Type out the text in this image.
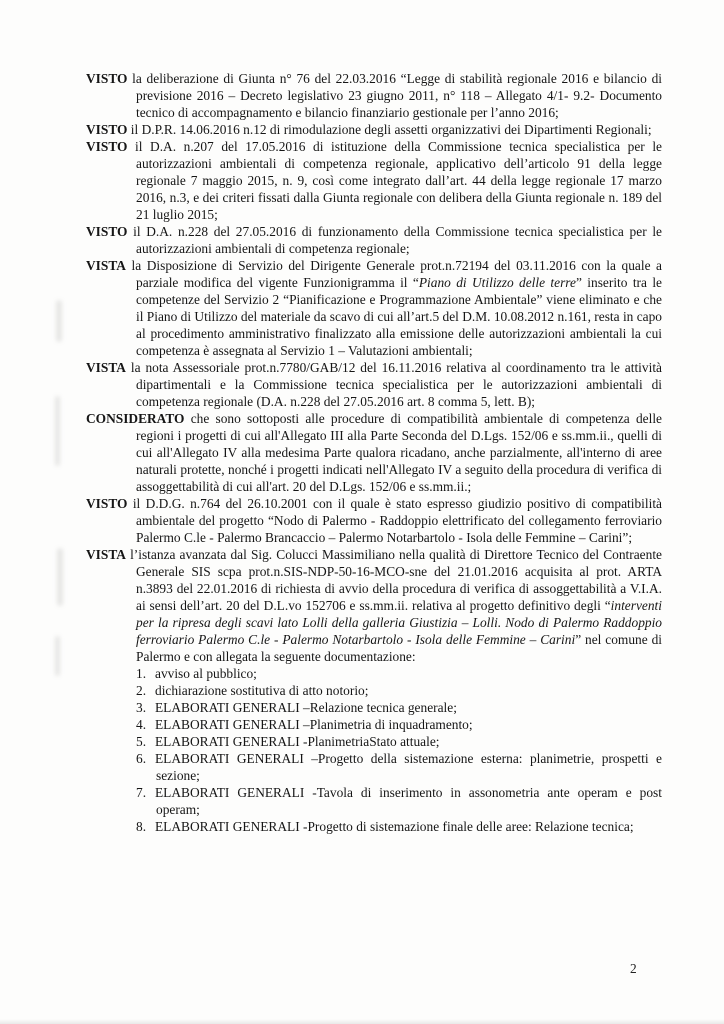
VISTO la deliberazione di Giunta n° 76 del 22.03.2016 “Legge di stabilità regionale 2016 e bilancio di previsione 2016 – Decreto legislativo 23 giugno 2011, n° 118 – Allegato 4/1- 9.2- Documento tecnico di accompagnamento e bilancio finanziario gestionale per l’anno 2016;

VISTO il D.P.R. 14.06.2016 n.12 di rimodulazione degli assetti organizzativi dei Dipartimenti Regionali;

VISTO il D.A. n.207 del 17.05.2016 di istituzione della Commissione tecnica specialistica per le autorizzazioni ambientali di competenza regionale, applicativo dell’articolo 91 della legge regionale 7 maggio 2015, n. 9, così come integrato dall’art. 44 della legge regionale 17 marzo 2016, n.3, e dei criteri fissati dalla Giunta regionale con delibera della Giunta regionale n. 189 del 21 luglio 2015;

VISTO il D.A. n.228 del 27.05.2016 di funzionamento della Commissione tecnica specialistica per le autorizzazioni ambientali di competenza regionale;

VISTA la Disposizione di Servizio del Dirigente Generale prot.n.72194 del 03.11.2016 con la quale a parziale modifica del vigente Funzionigramma il “Piano di Utilizzo delle terre” inserito tra le competenze del Servizio 2 “Pianificazione e Programmazione Ambientale” viene eliminato e che il Piano di Utilizzo del materiale da scavo di cui all’art.5 del D.M. 10.08.2012 n.161, resta in capo al procedimento amministrativo finalizzato alla emissione delle autorizzazioni ambientali la cui competenza è assegnata al Servizio 1 – Valutazioni ambientali;

VISTA la nota Assessoriale prot.n.7780/GAB/12 del 16.11.2016 relativa al coordinamento tra le attività dipartimentali e la Commissione tecnica specialistica per le autorizzazioni ambientali di competenza regionale (D.A. n.228 del 27.05.2016 art. 8 comma 5, lett. B);

CONSIDERATO che sono sottoposti alle procedure di compatibilità ambientale di competenza delle regioni i progetti di cui all'Allegato III alla Parte Seconda del D.Lgs. 152/06 e ss.mm.ii., quelli di cui all'Allegato IV alla medesima Parte qualora ricadano, anche parzialmente, all'interno di aree naturali protette, nonché i progetti indicati nell'Allegato IV a seguito della procedura di verifica di assoggettabilità di cui all'art. 20 del D.Lgs. 152/06 e ss.mm.ii.;

VISTO il D.D.G. n.764 del 26.10.2001 con il quale è stato espresso giudizio positivo di compatibilità ambientale del progetto “Nodo di Palermo - Raddoppio elettrificato del collegamento ferroviario Palermo C.le - Palermo Brancaccio – Palermo Notarbartolo - Isola delle Femmine – Carini”;

VISTA l’istanza avanzata dal Sig. Colucci Massimiliano nella qualità di Direttore Tecnico del Contraente Generale SIS scpa prot.n.SIS-NDP-50-16-MCO-sne del 21.01.2016 acquisita al prot. ARTA n.3893 del 22.01.2016 di richiesta di avvio della procedura di verifica di assoggettabilità a V.I.A. ai sensi dell’art. 20 del D.L.vo 152706 e ss.mm.ii. relativa al progetto definitivo degli “interventi per la ripresa degli scavi lato Lolli della galleria Giustizia – Lolli. Nodo di Palermo Raddoppio ferroviario Palermo C.le - Palermo Notarbartolo - Isola delle Femmine – Carini” nel comune di Palermo e con allegata la seguente documentazione:

1. avviso al pubblico;
2. dichiarazione sostitutiva di atto notorio;
3. ELABORATI GENERALI –Relazione tecnica generale;
4. ELABORATI GENERALI –Planimetria di inquadramento;
5. ELABORATI GENERALI -PlanimetriaStato attuale;
6. ELABORATI GENERALI –Progetto della sistemazione esterna: planimetrie, prospetti e sezione;
7. ELABORATI GENERALI -Tavola di inserimento in assonometria ante operam e post operam;
8. ELABORATI GENERALI -Progetto di sistemazione finale delle aree: Relazione tecnica;
2
